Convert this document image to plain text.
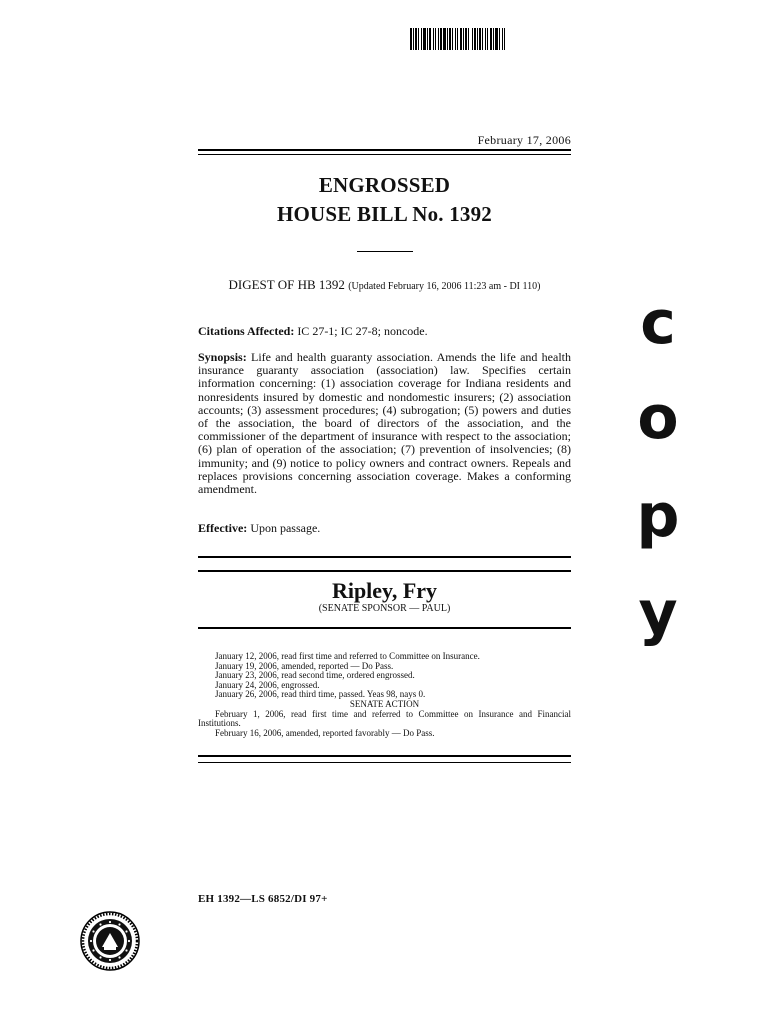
February 17, 2006
ENGROSSED
HOUSE BILL No. 1392
DIGEST OF HB 1392 (Updated February 16, 2006 11:23 am - DI 110)
Citations Affected: IC 27-1; IC 27-8; noncode.
Synopsis: Life and health guaranty association. Amends the life and health insurance guaranty association (association) law. Specifies certain information concerning: (1) association coverage for Indiana residents and nonresidents insured by domestic and nondomestic insurers; (2) association accounts; (3) assessment procedures; (4) subrogation; (5) powers and duties of the association, the board of directors of the association, and the commissioner of the department of insurance with respect to the association; (6) plan of operation of the association; (7) prevention of insolvencies; (8) immunity; and (9) notice to policy owners and contract owners. Repeals and replaces provisions concerning association coverage. Makes a conforming amendment.
Effective: Upon passage.
Ripley, Fry
(SENATE SPONSOR — PAUL)
January 12, 2006, read first time and referred to Committee on Insurance.
January 19, 2006, amended, reported — Do Pass.
January 23, 2006, read second time, ordered engrossed.
January 24, 2006, engrossed.
January 26, 2006, read third time, passed. Yeas 98, nays 0.
SENATE ACTION
February 1, 2006, read first time and referred to Committee on Insurance and Financial Institutions.
February 16, 2006, amended, reported favorably — Do Pass.
EH 1392—LS 6852/DI 97+
c
o
p
y
